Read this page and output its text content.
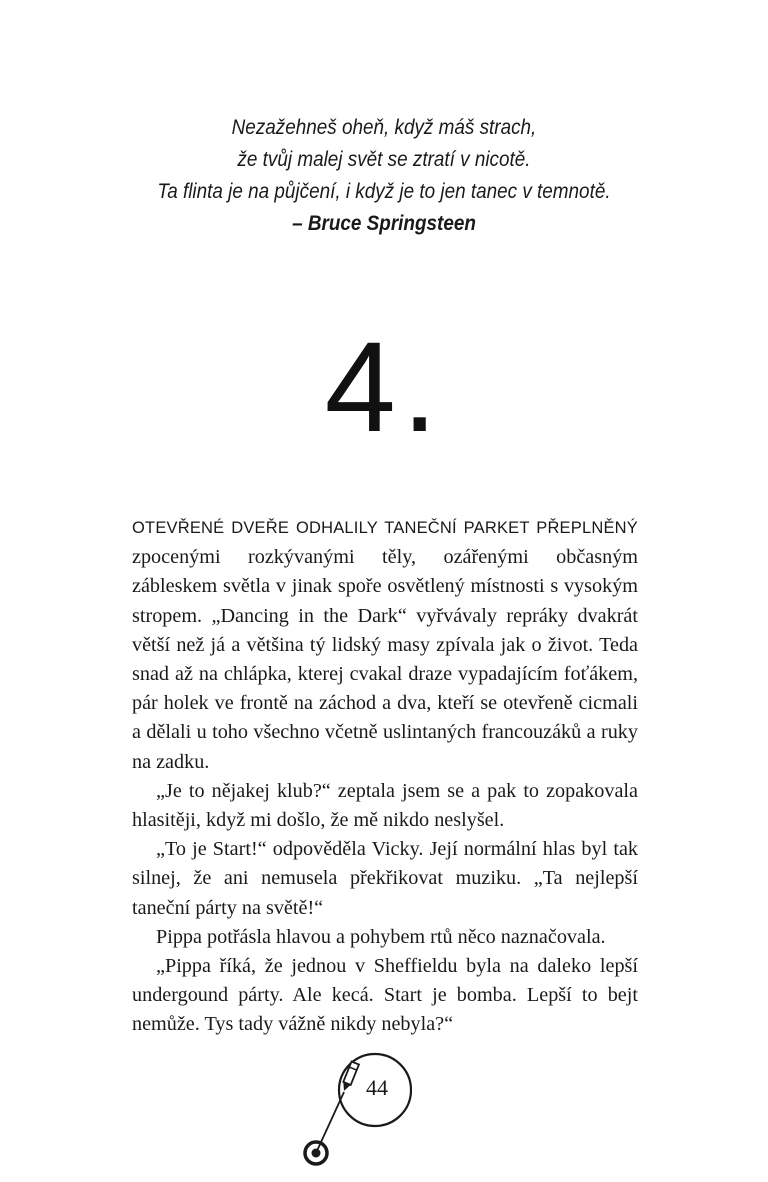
Nezažehneš oheň, když máš strach,
že tvůj malej svět se ztratí v nicotě.
Ta flinta je na půjčení, i když je to jen tanec v temnotě.
– Bruce Springsteen
4.

OTEVŘENÉ DVEŘE ODHALILY TANEČNÍ PARKET PŘEPLNĚNÝ zpocenými rozkývanými těly, ozářenými občasným zábleskem světla v jinak spoře osvětlený místnosti s vysokým stropem. „Dancing in the Dark“ vyřvávaly repráky dvakrát větší než já a většina tý lidský masy zpívala jak o život. Teda snad až na chlápka, kterej cvakal draze vypadajícím foťákem, pár holek ve frontě na záchod a dva, kteří se otevřeně cicmali a dělali u toho všechno včetně uslintaných francouzáků a ruky na zadku.

„Je to nějakej klub?“ zeptala jsem se a pak to zopakovala hlasitěji, když mi došlo, že mě nikdo neslyšel.

„To je Start!“ odpověděla Vicky. Její normální hlas byl tak silnej, že ani nemusela překřikovat muziku. „Ta nejlepší taneční párty na světě!“

Pippa potřásla hlavou a pohybem rtů něco naznačovala.

„Pippa říká, že jednou v Sheffieldu byla na daleko lepší undergound párty. Ale kecá. Start je bomba. Lepší to bejt nemůže. Tys tady vážně nikdy nebyla?“

44
